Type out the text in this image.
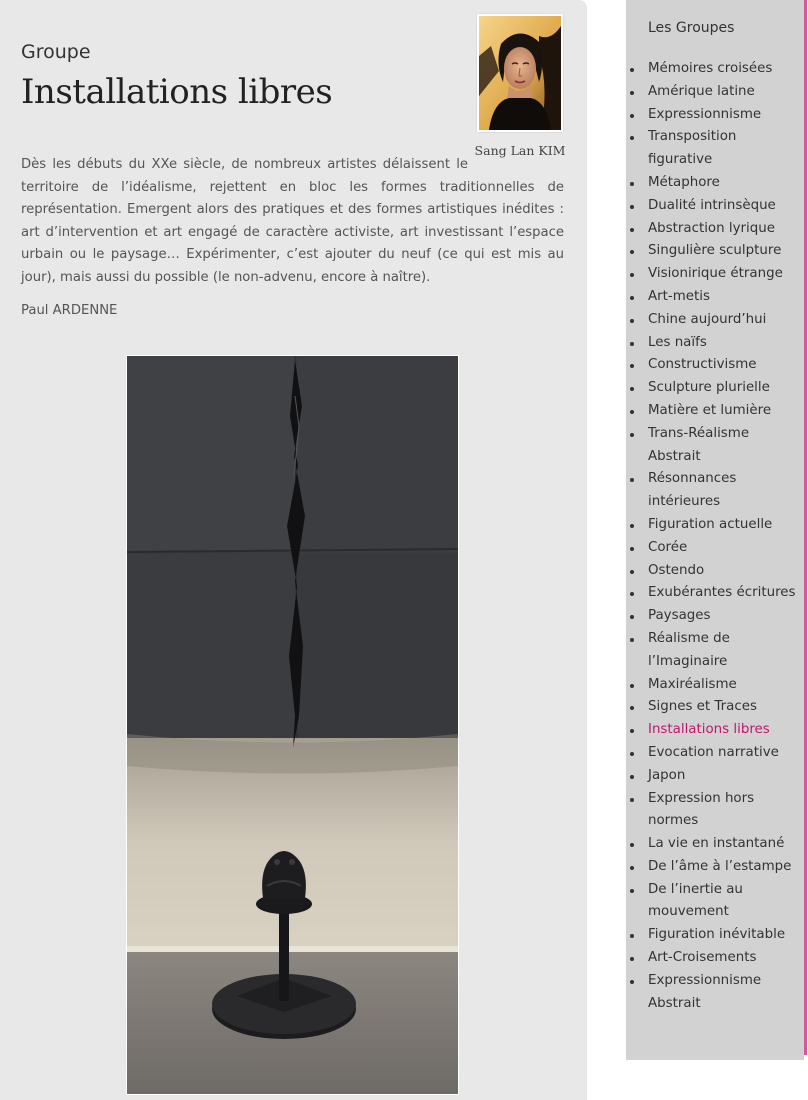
Groupe
Installations libres
Sang Lan KIM

Dès les débuts du XXe siècle, de nombreux artistes délaissent le territoire de l’idéalisme, rejettent en bloc les formes traditionnelles de représentation. Emergent alors des pratiques et des formes artistiques inédites : art d’intervention et art engagé de caractère activiste, art investissant l’espace urbain ou le paysage… Expérimenter, c’est ajouter du neuf (ce qui est mis au jour), mais aussi du possible (le non-advenu, encore à naître).

Paul ARDENNE

Les Groupes
Mémoires croisées
Amérique latine
Expressionnisme
Transposition figurative
Métaphore
Dualité intrinsèque
Abstraction lyrique
Singulière sculpture
Visionirique étrange
Art-metis
Chine aujourd’hui
Les naïfs
Constructivisme
Sculpture plurielle
Matière et lumière
Trans-Réalisme Abstrait
Résonnances intérieures
Figuration actuelle
Corée
Ostendo
Exubérantes écritures
Paysages
Réalisme de l’Imaginaire
Maxiréalisme
Signes et Traces
Installations libres
Evocation narrative
Japon
Expression hors normes
La vie en instantané
De l’âme à l’estampe
De l’inertie au mouvement
Figuration inévitable
Art-Croisements
Expressionnisme Abstrait
